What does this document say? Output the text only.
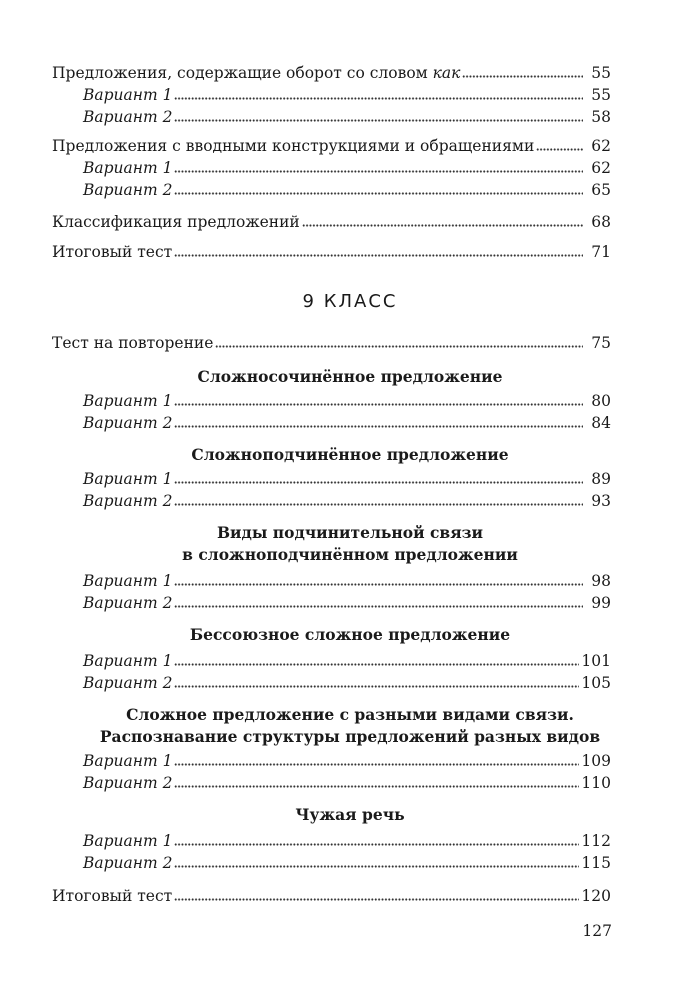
Предложения, содержащие оборот со словом как	55
Вариант 1	55
Вариант 2	58
Предложения с вводными конструкциями и обращениями	62
Вариант 1	62
Вариант 2	65
Классификация предложений	68
Итоговый тест	71
9 КЛАСС
Тест на повторение	75
Сложносочинённое предложение
Вариант 1	80
Вариант 2	84
Сложноподчинённое предложение
Вариант 1	89
Вариант 2	93
Виды подчинительной связи
в сложноподчинённом предложении
Вариант 1	98
Вариант 2	99
Бессоюзное сложное предложение
Вариант 1	101
Вариант 2	105
Сложное предложение с разными видами связи.
Распознавание структуры предложений разных видов
Вариант 1	109
Вариант 2	110
Чужая речь
Вариант 1	112
Вариант 2	115
Итоговый тест	120
127
